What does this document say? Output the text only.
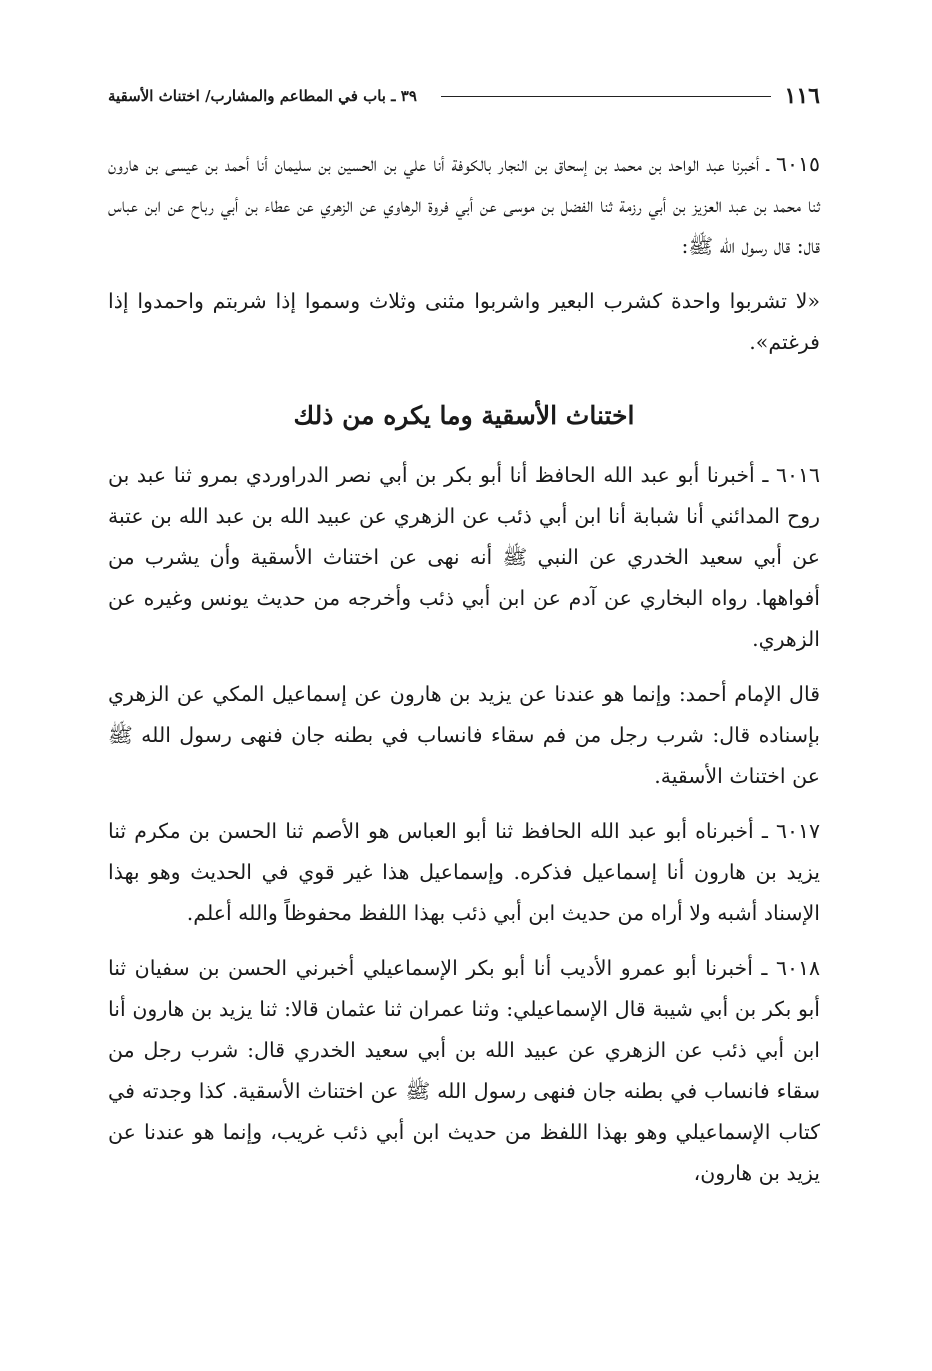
١١٦
٣٩ ـ باب في المطاعم والمشارب/ اختناث الأسقية

٦٠١٥ ـ أخبرنا عبد الواحد بن محمد بن إسحاق بن النجار بالكوفة أنا علي بن الحسين بن سليمان أنا أحمد بن عيسى بن هارون ثنا محمد بن عبد العزيز بن أبي رزمة ثنا الفضل بن موسى عن أبي فروة الرهاوي عن الزهري عن عطاء بن أبي رباح عن ابن عباس قال: قال رسول الله ﷺ:

«لا تشربوا واحدة كشرب البعير واشربوا مثنى وثلاث وسموا إذا شربتم واحمدوا إذا فرغتم».

اختناث الأسقية وما يكره من ذلك

٦٠١٦ ـ أخبرنا أبو عبد الله الحافظ أنا أبو بكر بن أبي نصر الدراوردي بمرو ثنا عبد بن روح المدائني أنا شبابة أنا ابن أبي ذئب عن الزهري عن عبيد الله بن عبد الله بن عتبة عن أبي سعيد الخدري عن النبي ﷺ أنه نهى عن اختناث الأسقية وأن يشرب من أفواهها. رواه البخاري عن آدم عن ابن أبي ذئب وأخرجه من حديث يونس وغيره عن الزهري.

قال الإمام أحمد: وإنما هو عندنا عن يزيد بن هارون عن إسماعيل المكي عن الزهري بإسناده قال: شرب رجل من فم سقاء فانساب في بطنه جان فنهى رسول الله ﷺ عن اختناث الأسقية.

٦٠١٧ ـ أخبرناه أبو عبد الله الحافظ ثنا أبو العباس هو الأصم ثنا الحسن بن مكرم ثنا يزيد بن هارون أنا إسماعيل فذكره. وإسماعيل هذا غير قوي في الحديث وهو بهذا الإسناد أشبه ولا أراه من حديث ابن أبي ذئب بهذا اللفظ محفوظاً والله أعلم.

٦٠١٨ ـ أخبرنا أبو عمرو الأديب أنا أبو بكر الإسماعيلي أخبرني الحسن بن سفيان ثنا أبو بكر بن أبي شيبة قال الإسماعيلي: وثنا عمران ثنا عثمان قالا: ثنا يزيد بن هارون أنا ابن أبي ذئب عن الزهري عن عبيد الله بن أبي سعيد الخدري قال: شرب رجل من سقاء فانساب في بطنه جان فنهى رسول الله ﷺ عن اختناث الأسقية. كذا وجدته في كتاب الإسماعيلي وهو بهذا اللفظ من حديث ابن أبي ذئب غريب، وإنما هو عندنا عن يزيد بن هارون،
